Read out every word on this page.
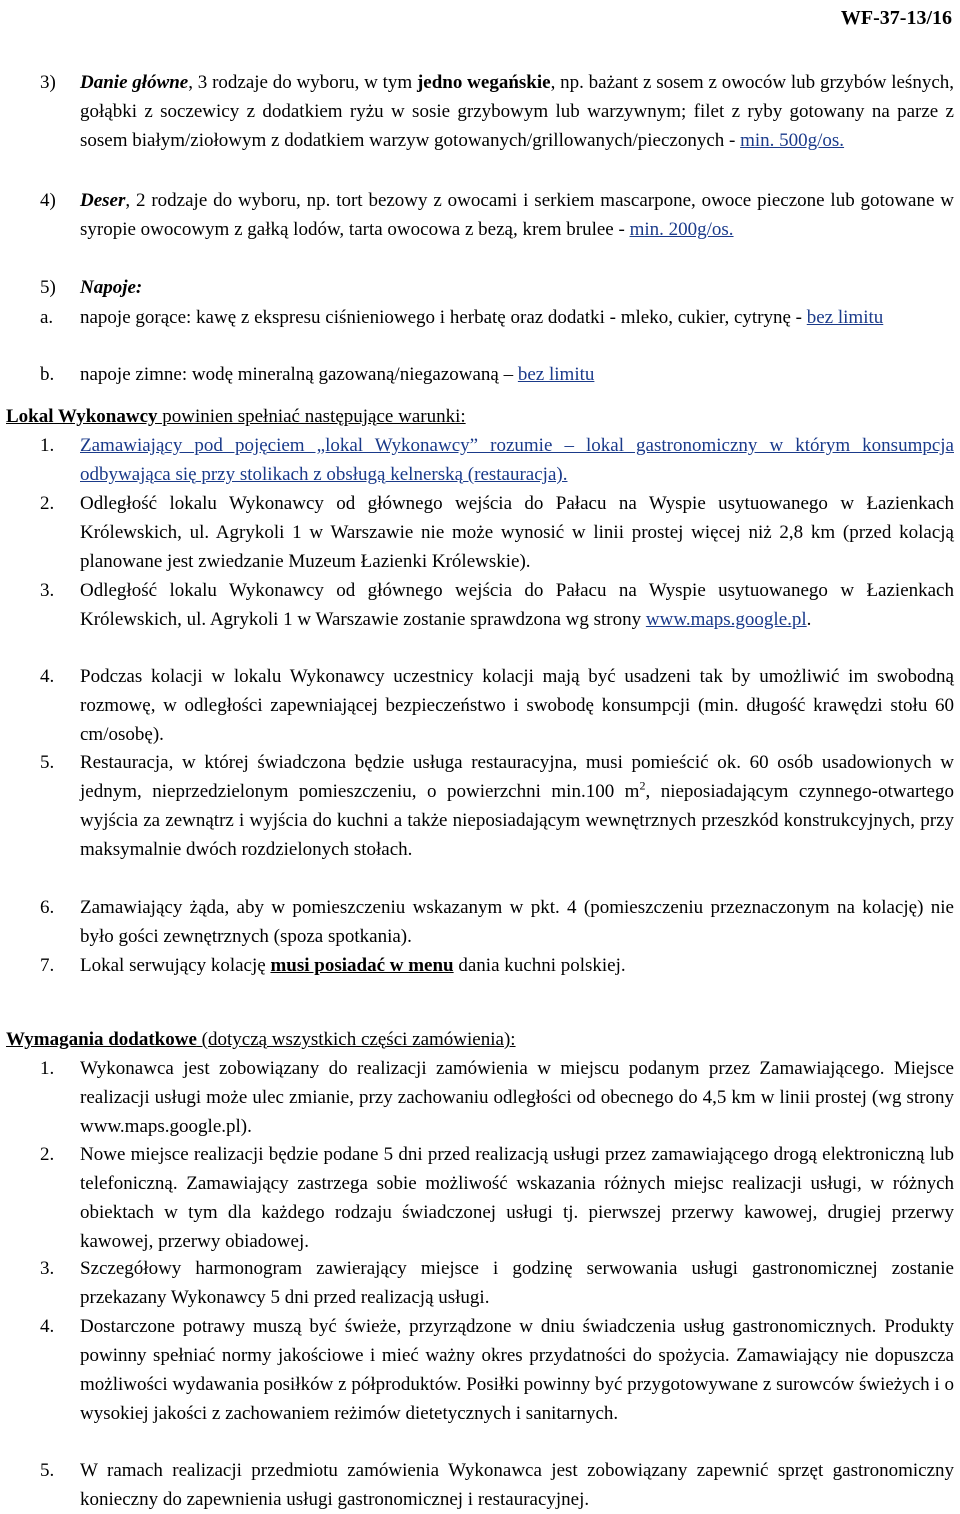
WF-37-13/16
3)	Danie główne, 3 rodzaje do wyboru, w tym jedno wegańskie, np. bażant z sosem z owoców lub grzybów leśnych, gołąbki z soczewicy z dodatkiem ryżu w sosie grzybowym lub warzywnym; filet z ryby gotowany na parze z sosem białym/ziołowym z dodatkiem warzyw gotowanych/grillowanych/pieczonych - min. 500g/os.
4)	Deser, 2 rodzaje do wyboru, np. tort bezowy z owocami i serkiem mascarpone, owoce pieczone lub gotowane w syropie owocowym z gałką lodów, tarta owocowa z bezą, krem brulee - min. 200g/os.
5)	Napoje:
a.	napoje gorące: kawę z ekspresu ciśnieniowego i herbatę oraz dodatki - mleko, cukier, cytrynę - bez limitu
b.	napoje zimne: wodę mineralną gazowaną/niegazowaną – bez limitu
Lokal Wykonawcy powinien spełniać następujące warunki:
1.	Zamawiający pod pojęciem „lokal Wykonawcy” rozumie – lokal gastronomiczny w którym konsumpcja odbywająca się przy stolikach z obsługą kelnerską (restauracja).
2.	Odległość lokalu Wykonawcy od głównego wejścia do Pałacu na Wyspie usytuowanego w Łazienkach Królewskich, ul. Agrykoli 1 w Warszawie nie może wynosić w linii prostej więcej niż 2,8 km (przed kolacją planowane jest zwiedzanie Muzeum Łazienki Królewskie).
3.	Odległość lokalu Wykonawcy od głównego wejścia do Pałacu na Wyspie usytuowanego w Łazienkach Królewskich, ul. Agrykoli 1 w Warszawie zostanie sprawdzona wg strony www.maps.google.pl.
4.	Podczas kolacji w lokalu Wykonawcy uczestnicy kolacji mają być usadzeni tak by umożliwić im swobodną rozmowę, w odległości zapewniającej bezpieczeństwo i swobodę konsumpcji (min. długość krawędzi stołu 60 cm/osobę).
5.	Restauracja, w której świadczona będzie usługa restauracyjna, musi pomieścić ok. 60 osób usadowionych w jednym, nieprzedzielonym pomieszczeniu, o powierzchni min.100 $m^2$, nieposiadającym czynnego-otwartego wyjścia za zewnątrz i wyjścia do kuchni a także nieposiadającym wewnętrznych przeszkód konstrukcyjnych, przy maksymalnie dwóch rozdzielonych stołach.
6.	Zamawiający żąda, aby w pomieszczeniu wskazanym w pkt. 4 (pomieszczeniu przeznaczonym na kolację) nie było gości zewnętrznych (spoza spotkania).
7.	Lokal serwujący kolację musi posiadać w menu dania kuchni polskiej.
Wymagania dodatkowe (dotyczą wszystkich części zamówienia):
1.	Wykonawca jest zobowiązany do realizacji zamówienia w miejscu podanym przez Zamawiającego. Miejsce realizacji usługi może ulec zmianie, przy zachowaniu odległości od obecnego do 4,5 km w linii prostej (wg strony www.maps.google.pl).
2.	Nowe miejsce realizacji będzie podane 5 dni przed realizacją usługi przez zamawiającego drogą elektroniczną lub telefoniczną. Zamawiający zastrzega sobie możliwość wskazania różnych miejsc realizacji usługi, w różnych obiektach w tym dla każdego rodzaju świadczonej usługi tj. pierwszej przerwy kawowej, drugiej przerwy kawowej, przerwy obiadowej.
3.	Szczegółowy harmonogram zawierający miejsce i godzinę serwowania usługi gastronomicznej zostanie przekazany Wykonawcy 5 dni przed realizacją usługi.
4.	Dostarczone potrawy muszą być świeże, przyrządzone w dniu świadczenia usług gastronomicznych. Produkty powinny spełniać normy jakościowe i mieć ważny okres przydatności do spożycia. Zamawiający nie dopuszcza możliwości wydawania posiłków z półproduktów. Posiłki powinny być przygotowywane z surowców świeżych i o wysokiej jakości z zachowaniem reżimów dietetycznych i sanitarnych.
5.	W ramach realizacji przedmiotu zamówienia Wykonawca jest zobowiązany zapewnić sprzęt gastronomiczny konieczny do zapewnienia usługi gastronomicznej i restauracyjnej.
